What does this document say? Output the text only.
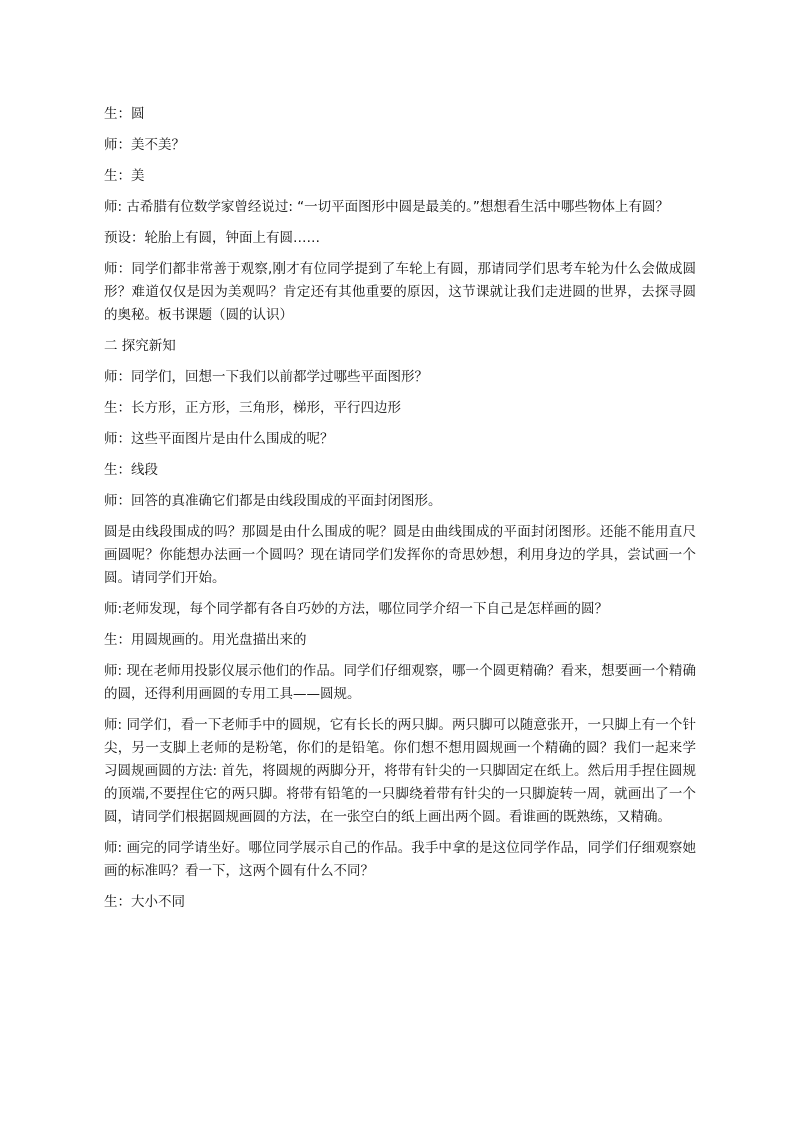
生：圆

师：美不美？

生：美

师: 古希腊有位数学家曾经说过: “一切平面图形中圆是最美的。”想想看生活中哪些物体上有圆？

预设：轮胎上有圆，钟面上有圆……

师：同学们都非常善于观察,刚才有位同学提到了车轮上有圆，那请同学们思考车轮为什么会做成圆形？难道仅仅是因为美观吗？肯定还有其他重要的原因，这节课就让我们走进圆的世界，去探寻圆的奥秘。板书课题（圆的认识）

二 探究新知

师：同学们，回想一下我们以前都学过哪些平面图形？

生：长方形，正方形，三角形，梯形，平行四边形

师：这些平面图片是由什么围成的呢？

生：线段

师：回答的真准确它们都是由线段围成的平面封闭图形。

圆是由线段围成的吗？那圆是由什么围成的呢？圆是由曲线围成的平面封闭图形。还能不能用直尺画圆呢？你能想办法画一个圆吗？现在请同学们发挥你的奇思妙想，利用身边的学具，尝试画一个圆。请同学们开始。

师:老师发现，每个同学都有各自巧妙的方法，哪位同学介绍一下自己是怎样画的圆？

生：用圆规画的。用光盘描出来的

师: 现在老师用投影仪展示他们的作品。同学们仔细观察，哪一个圆更精确？看来，想要画一个精确的圆，还得利用画圆的专用工具——圆规。

师: 同学们，看一下老师手中的圆规，它有长长的两只脚。两只脚可以随意张开，一只脚上有一个针尖，另一支脚上老师的是粉笔，你们的是铅笔。你们想不想用圆规画一个精确的圆？我们一起来学习圆规画圆的方法: 首先，将圆规的两脚分开，将带有针尖的一只脚固定在纸上。然后用手捏住圆规的顶端,不要捏住它的两只脚。将带有铅笔的一只脚绕着带有针尖的一只脚旋转一周，就画出了一个圆，请同学们根据圆规画圆的方法，在一张空白的纸上画出两个圆。看谁画的既熟练，又精确。

师: 画完的同学请坐好。哪位同学展示自己的作品。我手中拿的是这位同学作品，同学们仔细观察她画的标准吗？看一下，这两个圆有什么不同？

生：大小不同
